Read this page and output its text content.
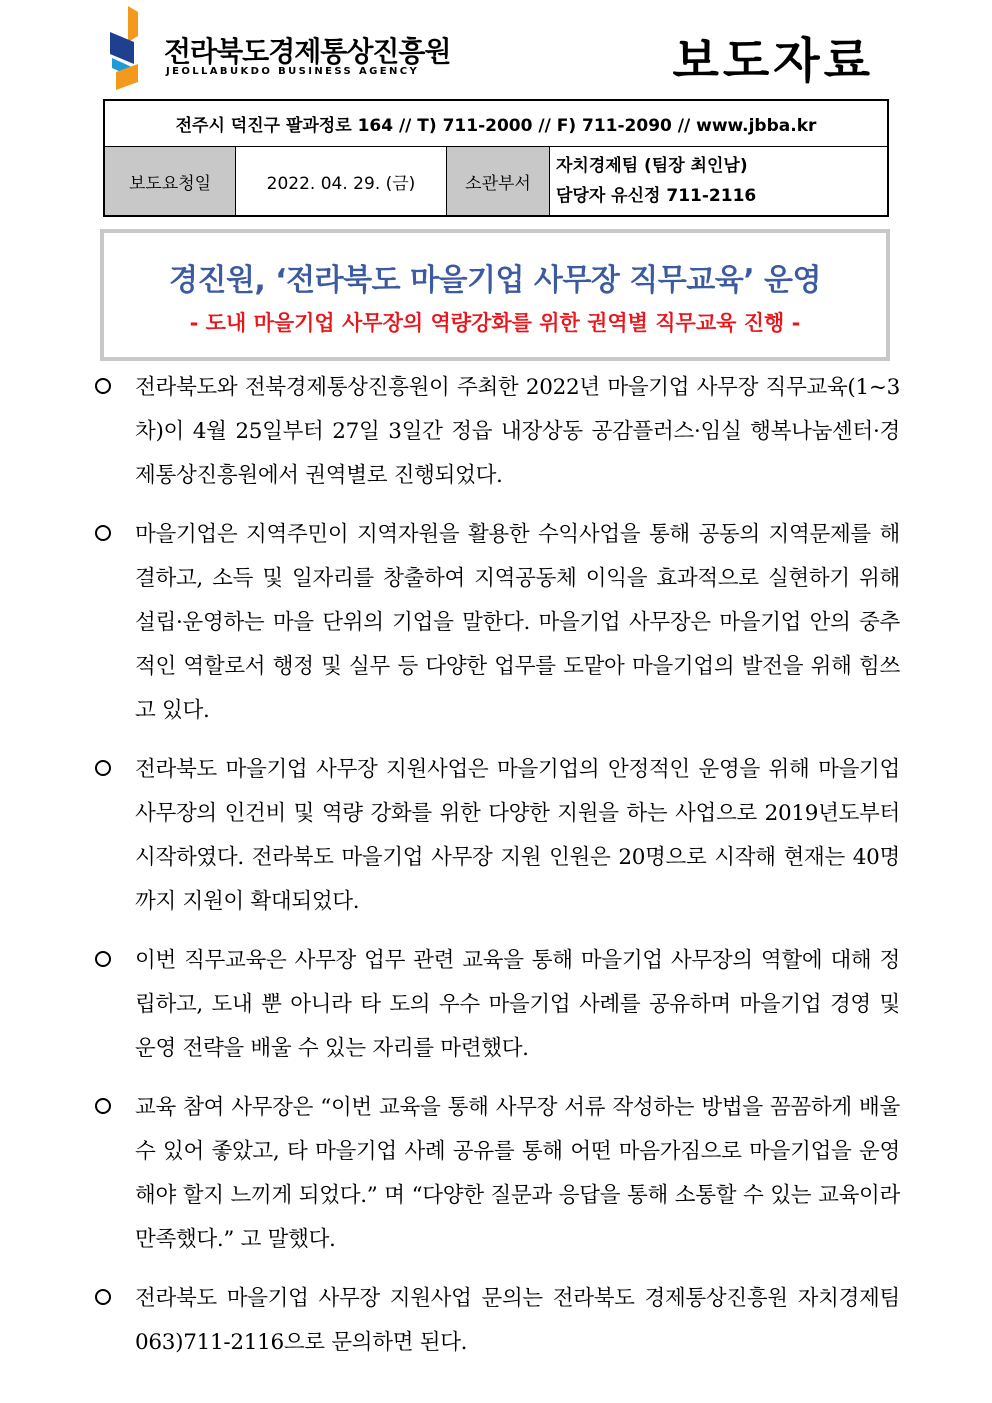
전라북도경제통상진흥원
JEOLLABUKDO BUSINESS AGENCY	보도자료
전주시 덕진구 팔과정로 164 // T) 711-2000 // F) 711-2090 // www.jbba.kr
보도요청일	2022. 04. 29. (금)	소관부서	
자치경제팀 (팀장 최인남)
담당자 유신정 711-2116
경진원, ‘전라북도 마을기업 사무장 직무교육’ 운영
- 도내 마을기업 사무장의 역량강화를 위한 권역별 직무교육 진행 -
전라북도와 전북경제통상진흥원이 주최한 2022년 마을기업 사무장 직무교육(1~3차)이 4월 25일부터 27일 3일간 정읍 내장상동 공감플러스·임실 행복나눔센터·경제통상진흥원에서 권역별로 진행되었다.
마을기업은 지역주민이 지역자원을 활용한 수익사업을 통해 공동의 지역문제를 해결하고, 소득 및 일자리를 창출하여 지역공동체 이익을 효과적으로 실현하기 위해 설립·운영하는 마을 단위의 기업을 말한다. 마을기업 사무장은 마을기업 안의 중추적인 역할로서 행정 및 실무 등 다양한 업무를 도맡아 마을기업의 발전을 위해 힘쓰고 있다.
전라북도 마을기업 사무장 지원사업은 마을기업의 안정적인 운영을 위해 마을기업 사무장의 인건비 및 역량 강화를 위한 다양한 지원을 하는 사업으로 2019년도부터 시작하였다. 전라북도 마을기업 사무장 지원 인원은 20명으로 시작해 현재는 40명까지 지원이 확대되었다.
이번 직무교육은 사무장 업무 관련 교육을 통해 마을기업 사무장의 역할에 대해 정립하고, 도내 뿐 아니라 타 도의 우수 마을기업 사례를 공유하며 마을기업 경영 및 운영 전략을 배울 수 있는 자리를 마련했다.
교육 참여 사무장은 “이번 교육을 통해 사무장 서류 작성하는 방법을 꼼꼼하게 배울 수 있어 좋았고, 타 마을기업 사례 공유를 통해 어떤 마음가짐으로 마을기업을 운영해야 할지 느끼게 되었다.” 며 “다양한 질문과 응답을 통해 소통할 수 있는 교육이라 만족했다.” 고 말했다.
전라북도 마을기업 사무장 지원사업 문의는 전라북도 경제통상진흥원 자치경제팀 063)711-2116으로 문의하면 된다.
